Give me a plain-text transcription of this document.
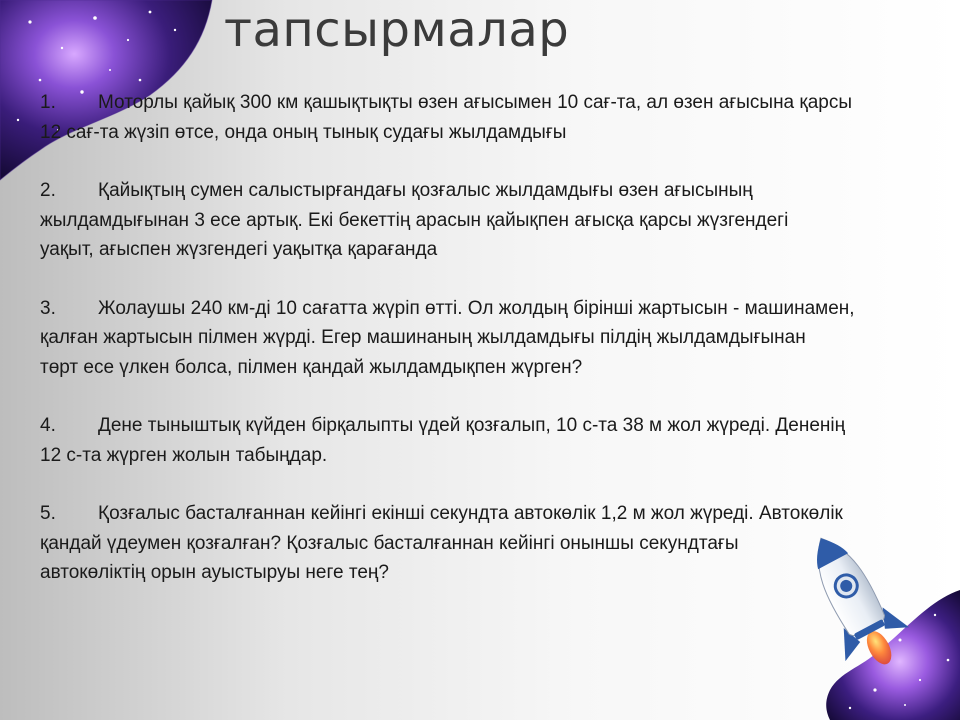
тапсырмалар
1. Моторлы қайық 300 км қашықтықты өзен ағысымен 10 сағ-та, ал өзен ағысына қарсы
12 сағ-та жүзіп өтсе, онда оның тынық судағы жылдамдығы
2. Қайықтың сумен салыстырғандағы қозғалыс жылдамдығы өзен ағысының
жылдамдығынан 3 есе артық. Екі бекеттің арасын қайықпен ағысқа қарсы жүзгендегі
уақыт, ағыспен жүзгендегі уақытқа қарағанда
3. Жолаушы 240 км-ді 10 сағатта жүріп өтті. Ол жолдың бірінші жартысын - машинамен,
қалған жартысын пілмен жүрді. Егер машинаның жылдамдығы пілдің жылдамдығынан
төрт есе үлкен болса, пілмен қандай жылдамдықпен жүрген?
4. Дене тыныштық күйден бірқалыпты үдей қозғалып, 10 с-та 38 м жол жүреді. Дененің
12 с-та жүрген жолын табыңдар.
5. Қозғалыс басталғаннан кейінгі екінші секундта автокөлік 1,2 м жол жүреді. Автокөлік
қандай үдеумен қозғалған? Қозғалыс басталғаннан кейінгі оныншы секундтағы
автокөліктің орын ауыстыруы неге тең?
